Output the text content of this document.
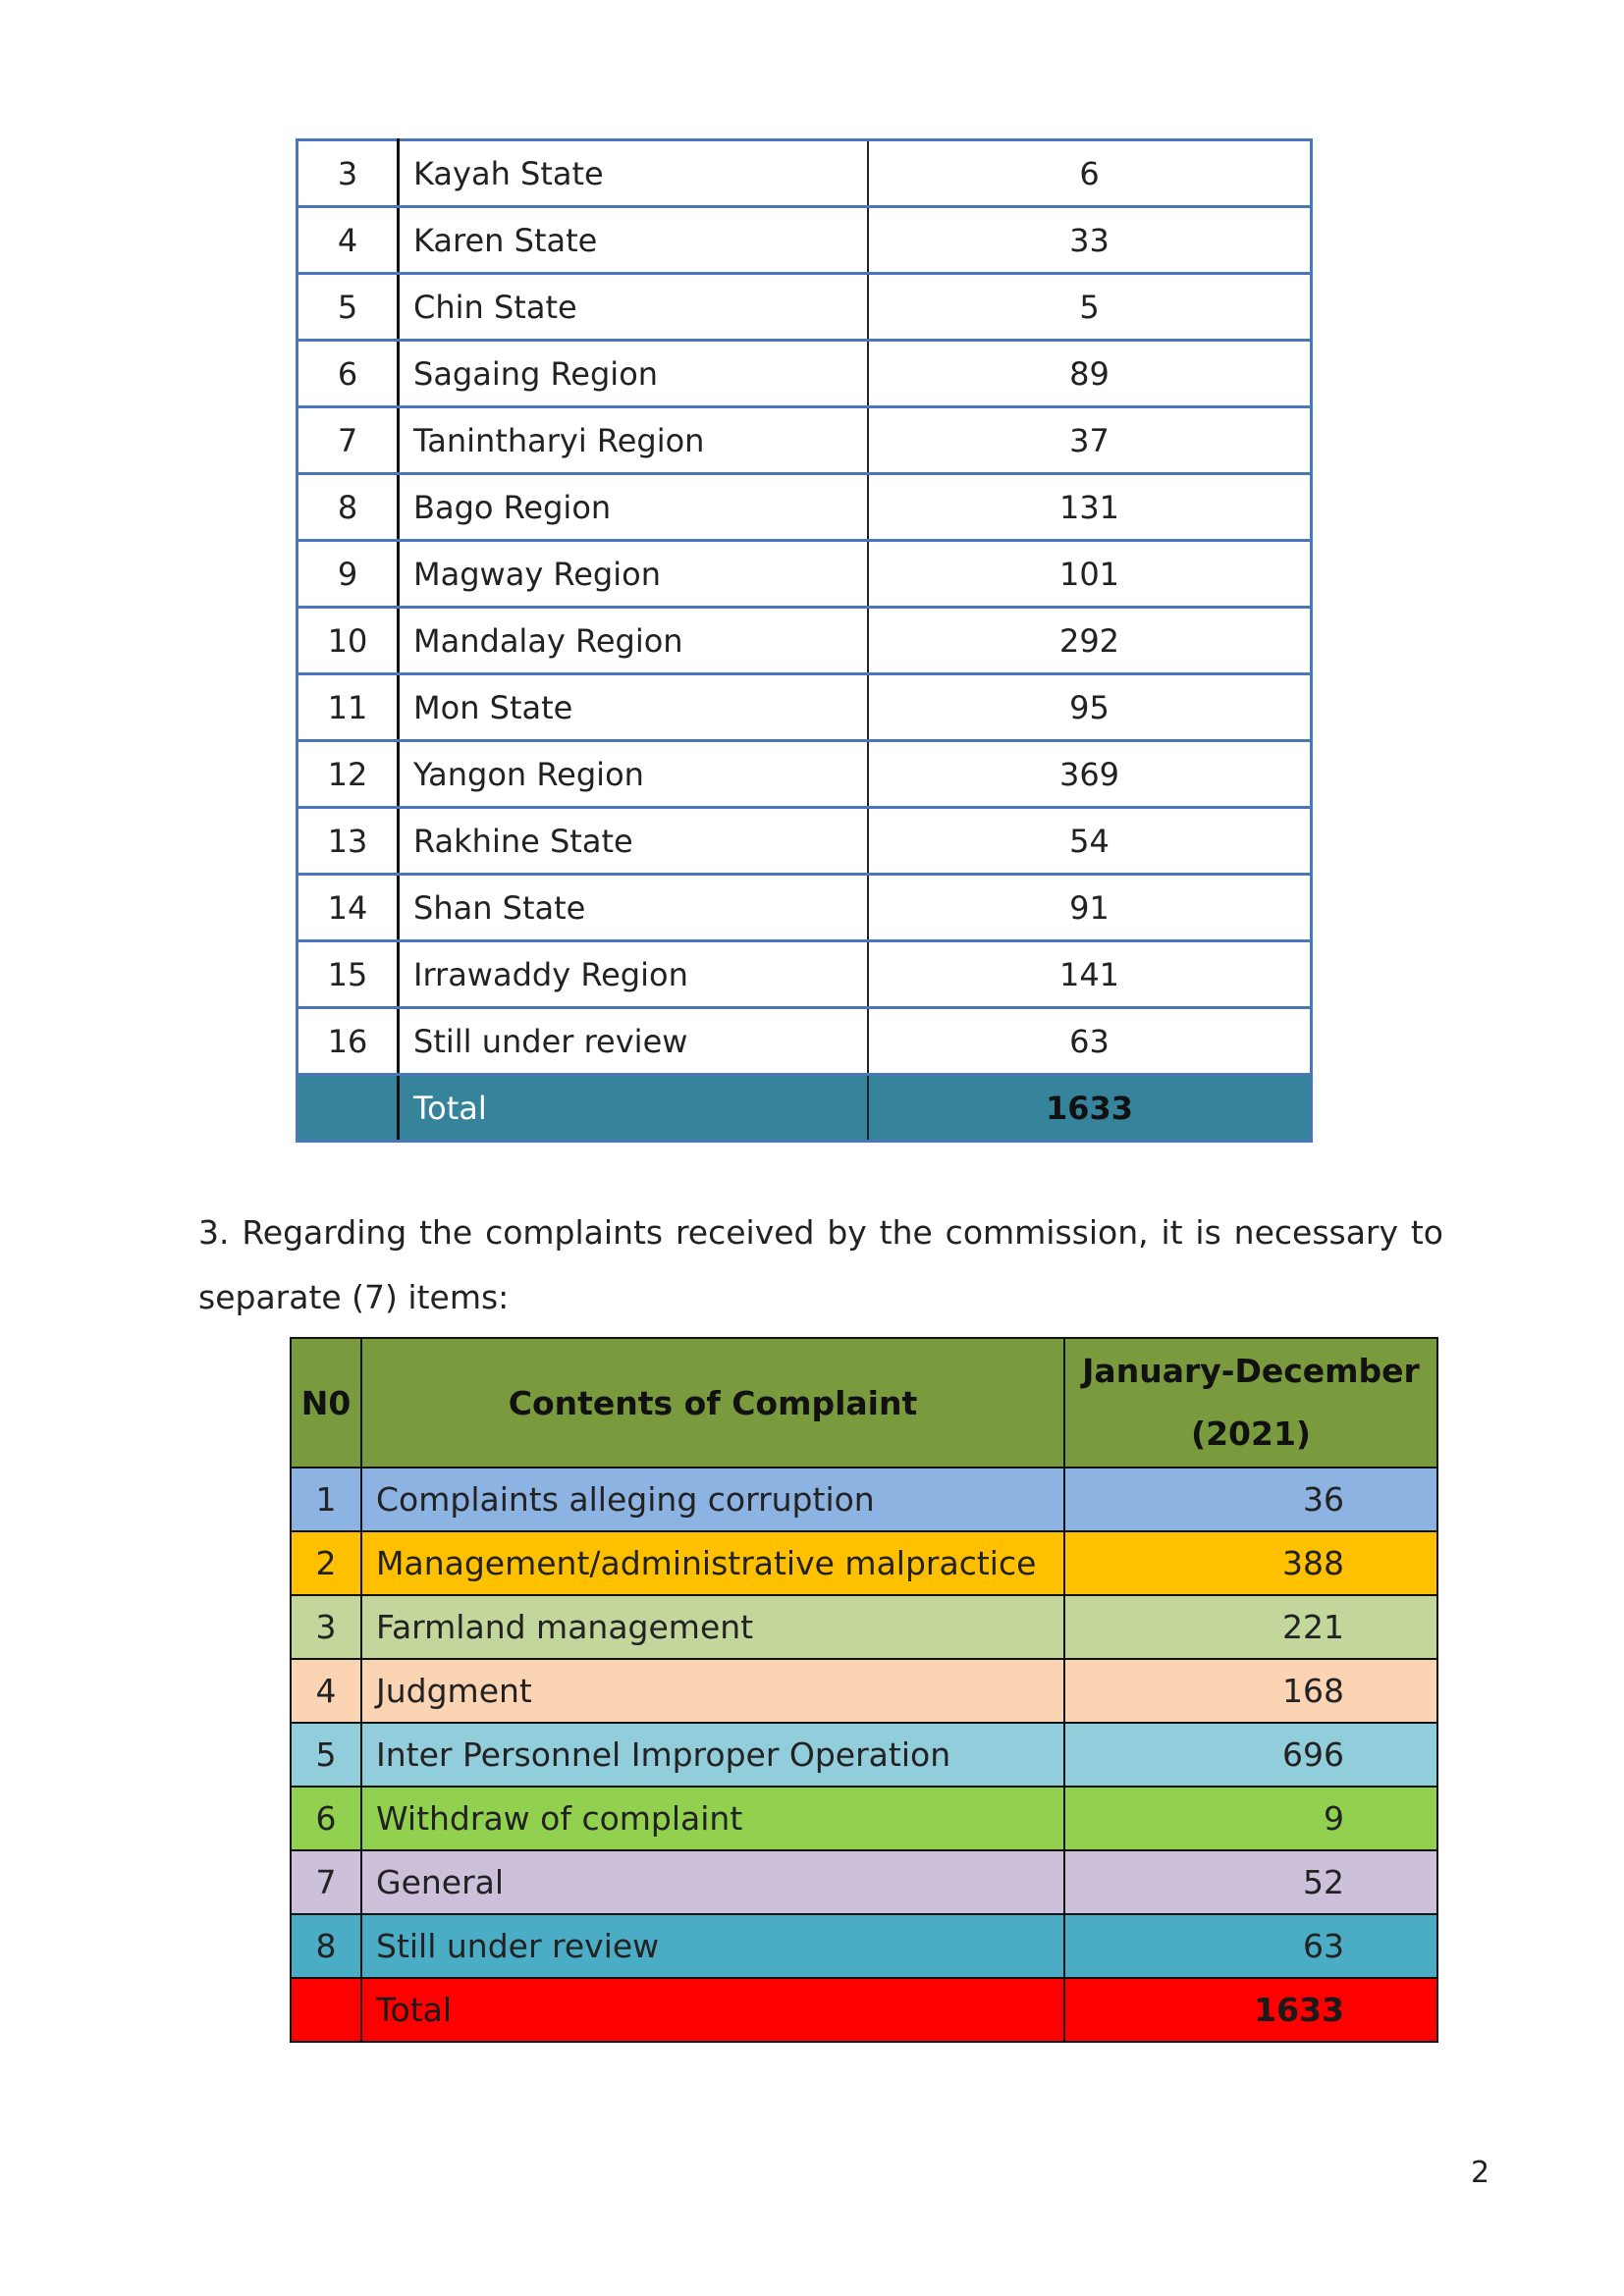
3	Kayah State	6
4	Karen State	33
5	Chin State	5
6	Sagaing Region	89
7	Tanintharyi Region	37
8	Bago Region	131
9	Magway Region	101
10	Mandalay Region	292
11	Mon State	95
12	Yangon Region	369
13	Rakhine State	54
14	Shan State	91
15	Irrawaddy Region	141
16	Still under review	63
	Total	1633

3. Regarding the complaints received by the commission, it is necessary to separate (7) items:

N0	Contents of Complaint	January-December
(2021)
1	Complaints alleging corruption	36
2	Management/administrative malpractice	388
3	Farmland management	221
4	Judgment	168
5	Inter Personnel Improper Operation	696
6	Withdraw of complaint	9
7	General	52
8	Still under review	63
	Total	1633
2
